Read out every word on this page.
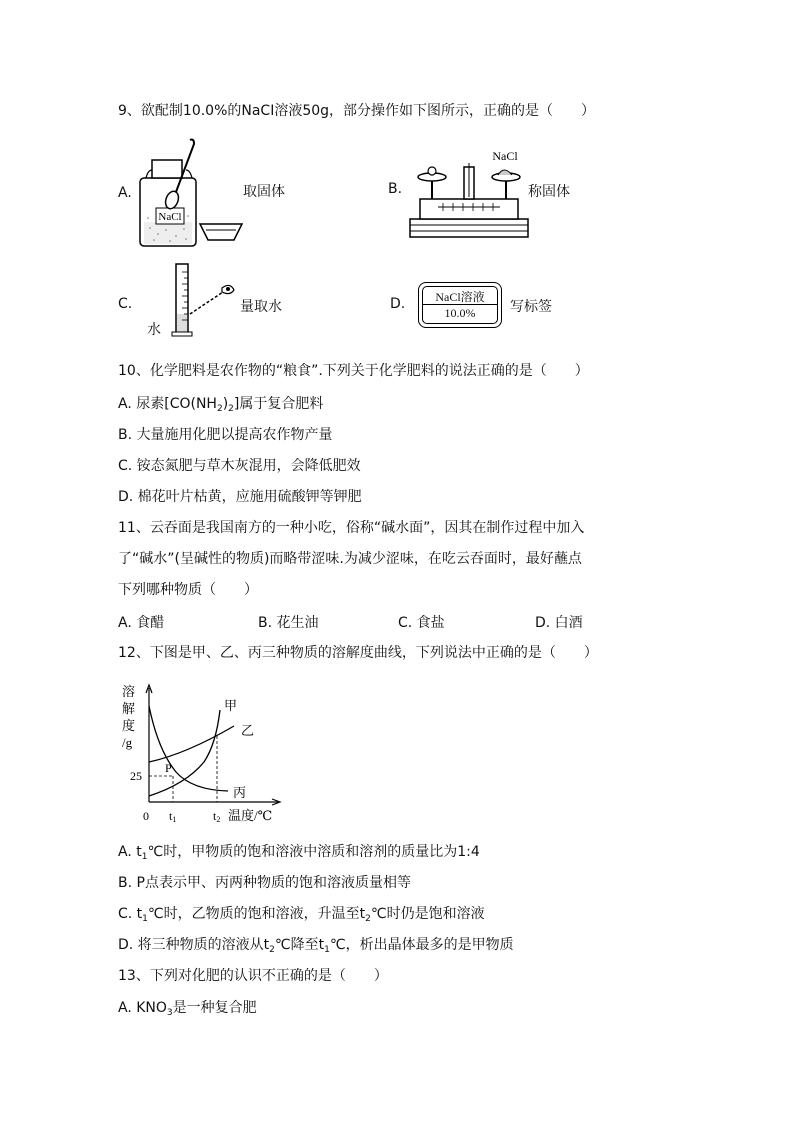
9、欲配制10.0%的NaCI溶液50g，部分操作如下图所示，正确的是（　　）
A.
NaCl
取固体	B.
NaCl
称固体
C.
水
量取水	D.	NaCl溶液
10.0%	写标签
10、化学肥料是农作物的“粮食”.下列关于化学肥料的说法正确的是（　　）
A. 尿素$[CO(NH_2)_2]$属于复合肥料
B. 大量施用化肥以提高农作物产量
C. 铵态氮肥与草木灰混用，会降低肥效
D. 棉花叶片枯黄，应施用硫酸钾等钾肥
11、云吞面是我国南方的一种小吃，俗称“碱水面”，因其在制作过程中加入
了“碱水”(呈碱性的物质)而略带涩味.为减少涩味，在吃云吞面时，最好蘸点
下列哪种物质（　　）
A. 食醋	B. 花生油	C. 食盐	D. 白酒
12、下图是甲、乙、丙三种物质的溶解度曲线，下列说法中正确的是（　　）
溶
解
度
/g
25
P
甲
乙
丙
0 t1	t2 温度/℃
A. $t_1℃$时，甲物质的饱和溶液中溶质和溶剂的质量比为1:4
B. P点表示甲、丙两种物质的饱和溶液质量相等
C. $t_1℃$时，乙物质的饱和溶液，升温至$t_2℃$时仍是饱和溶液
D. 将三种物质的溶液从$t_2℃$降至$t_1℃$，析出晶体最多的是甲物质
13、下列对化肥的认识不正确的是（　　）
A. $KNO_3$是一种复合肥
